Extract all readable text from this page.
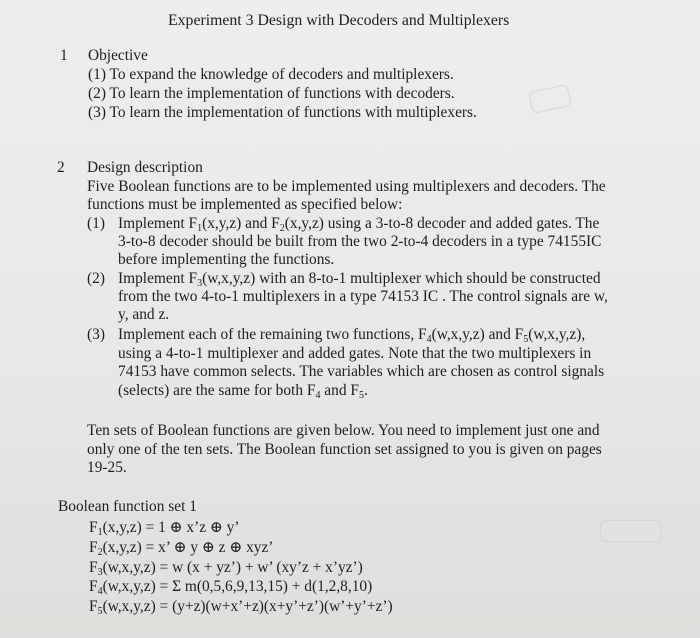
Experiment 3 Design with Decoders and Multiplexers
1 Objective
(1) To expand the knowledge of decoders and multiplexers.
(2) To learn the implementation of functions with decoders.
(3) To learn the implementation of functions with multiplexers.
2 Design description
Five Boolean functions are to be implemented using multiplexers and decoders. The
functions must be implemented as specified below:
(1) Implement $F_1(x,y,z)$ and $F_2(x,y,z)$ using a 3-to-8 decoder and added gates. The
3-to-8 decoder should be built from the two 2-to-4 decoders in a type 74155IC
before implementing the functions.
(2) Implement $F_3(w,x,y,z)$ with an 8-to-1 multiplexer which should be constructed
from the two 4-to-1 multiplexers in a type 74153 IC . The control signals are w,
y, and z.
(3) Implement each of the remaining two functions, $F_4(w,x,y,z)$ and $F_5(w,x,y,z)$,
using a 4-to-1 multiplexer and added gates. Note that the two multiplexers in
74153 have common selects. The variables which are chosen as control signals
(selects) are the same for both $F_4$ and $F_5$.
Ten sets of Boolean functions are given below. You need to implement just one and
only one of the ten sets. The Boolean function set assigned to you is given on pages
19-25.
Boolean function set 1
$F_1(x,y,z) = 1$ ⊕ x’z ⊕ y’
$F_2(x,y,z) = x$’ ⊕ y ⊕ z ⊕ xyz’
$F_3(w,x,y,z) = w$ (x + yz’) + w’ (xy’z + x’yz’)
$F_4(w,x,y,z) = \Sigma$ m(0,5,6,9,13,15) + d(1,2,8,10)
$F_5(w,x,y,z)$ = (y+z)(w+x’+z)(x+y’+z’)(w’+y’+z’)
